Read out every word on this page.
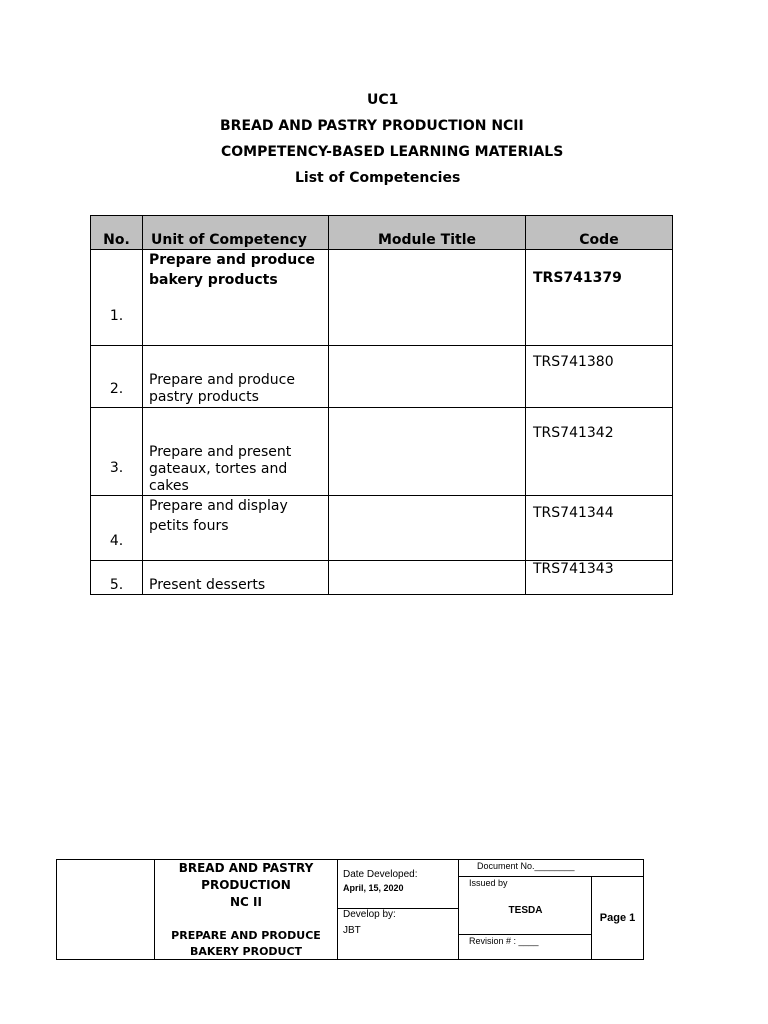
UC1
BREAD AND PASTRY PRODUCTION NCII
COMPETENCY-BASED LEARNING MATERIALS
List of Competencies
No.	Unit of Competency	Module Title	Code
1.	Prepare and produce bakery products		TRS741379
2.	Prepare and produce pastry products		TRS741380
3.	Prepare and present gateaux, tortes and cakes		TRS741342
4.	Prepare and display petits fours		TRS741344
5.	Present desserts		TRS741343
BREAD AND PASTRY
PRODUCTION
NC II
PREPARE AND PRODUCE
BAKERY PRODUCT
Date Developed:
April, 15, 2020
Develop by:
JBT
Document No.________
Issued by
TESDA
Revision # : ____
Page 1
